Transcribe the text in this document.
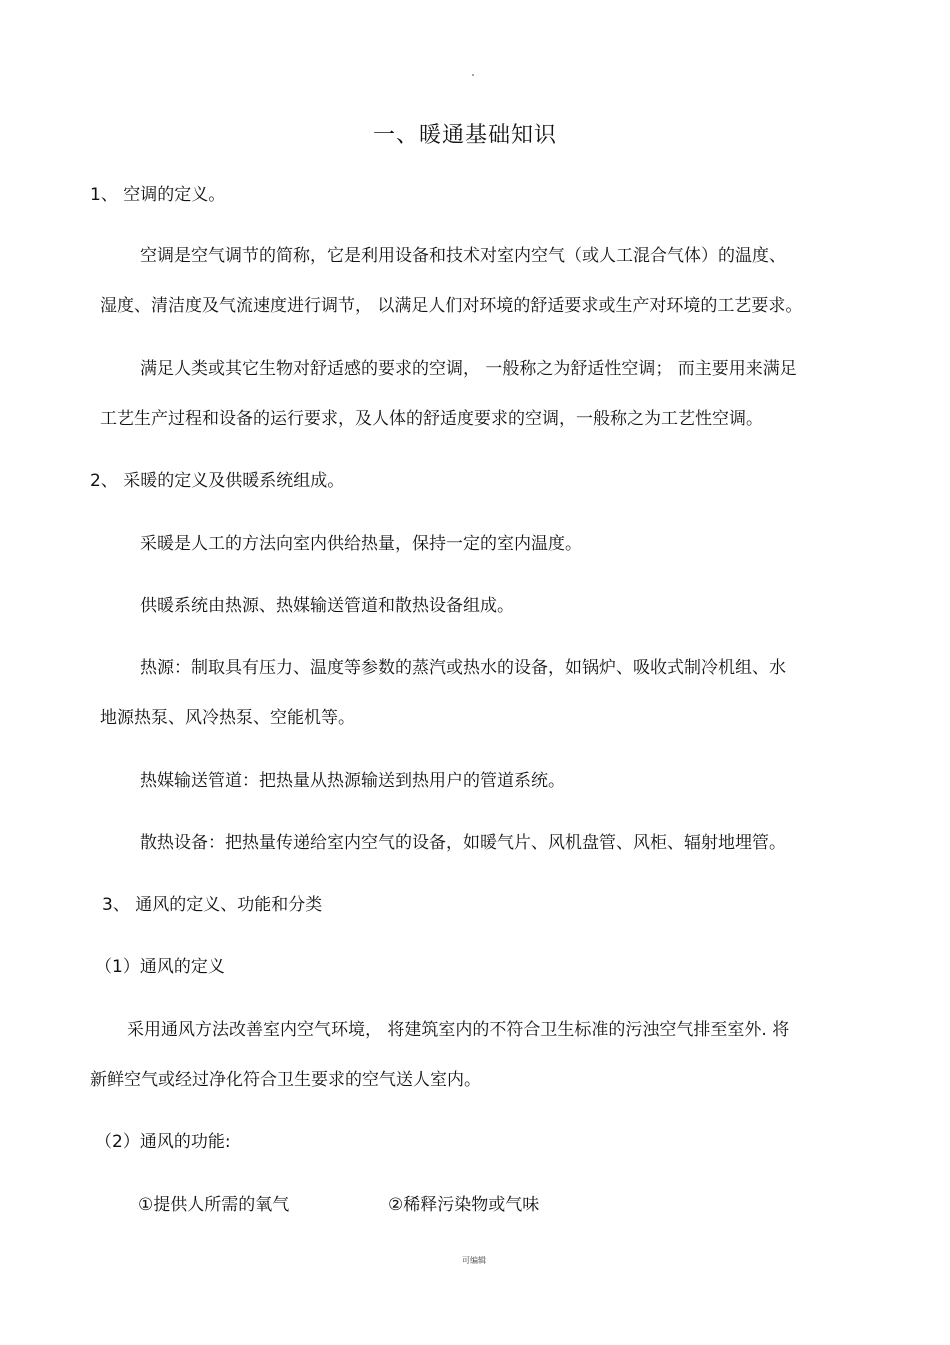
一、暖通基础知识
1、 空调的定义。
空调是空气调节的简称，它是利用设备和技术对室内空气（或人工混合气体）的温度、
湿度、清洁度及气流速度进行调节， 以满足人们对环境的舒适要求或生产对环境的工艺要求。
满足人类或其它生物对舒适感的要求的空调， 一般称之为舒适性空调； 而主要用来满足
工艺生产过程和设备的运行要求，及人体的舒适度要求的空调，一般称之为工艺性空调。
2、 采暖的定义及供暖系统组成。
采暖是人工的方法向室内供给热量，保持一定的室内温度。
供暖系统由热源、热媒输送管道和散热设备组成。
热源：制取具有压力、温度等参数的蒸汽或热水的设备，如锅炉、吸收式制冷机组、水
地源热泵、风冷热泵、空能机等。
热媒输送管道：把热量从热源输送到热用户的管道系统。
散热设备：把热量传递给室内空气的设备，如暖气片、风机盘管、风柜、辐射地埋管。
3、 通风的定义、功能和分类
（1）通风的定义
采用通风方法改善室内空气环境， 将建筑室内的不符合卫生标准的污浊空气排至室外. 将
新鲜空气或经过净化符合卫生要求的空气送人室内。
（2）通风的功能:
①提供人所需的氧气	②稀释污染物或气味
可编辑
